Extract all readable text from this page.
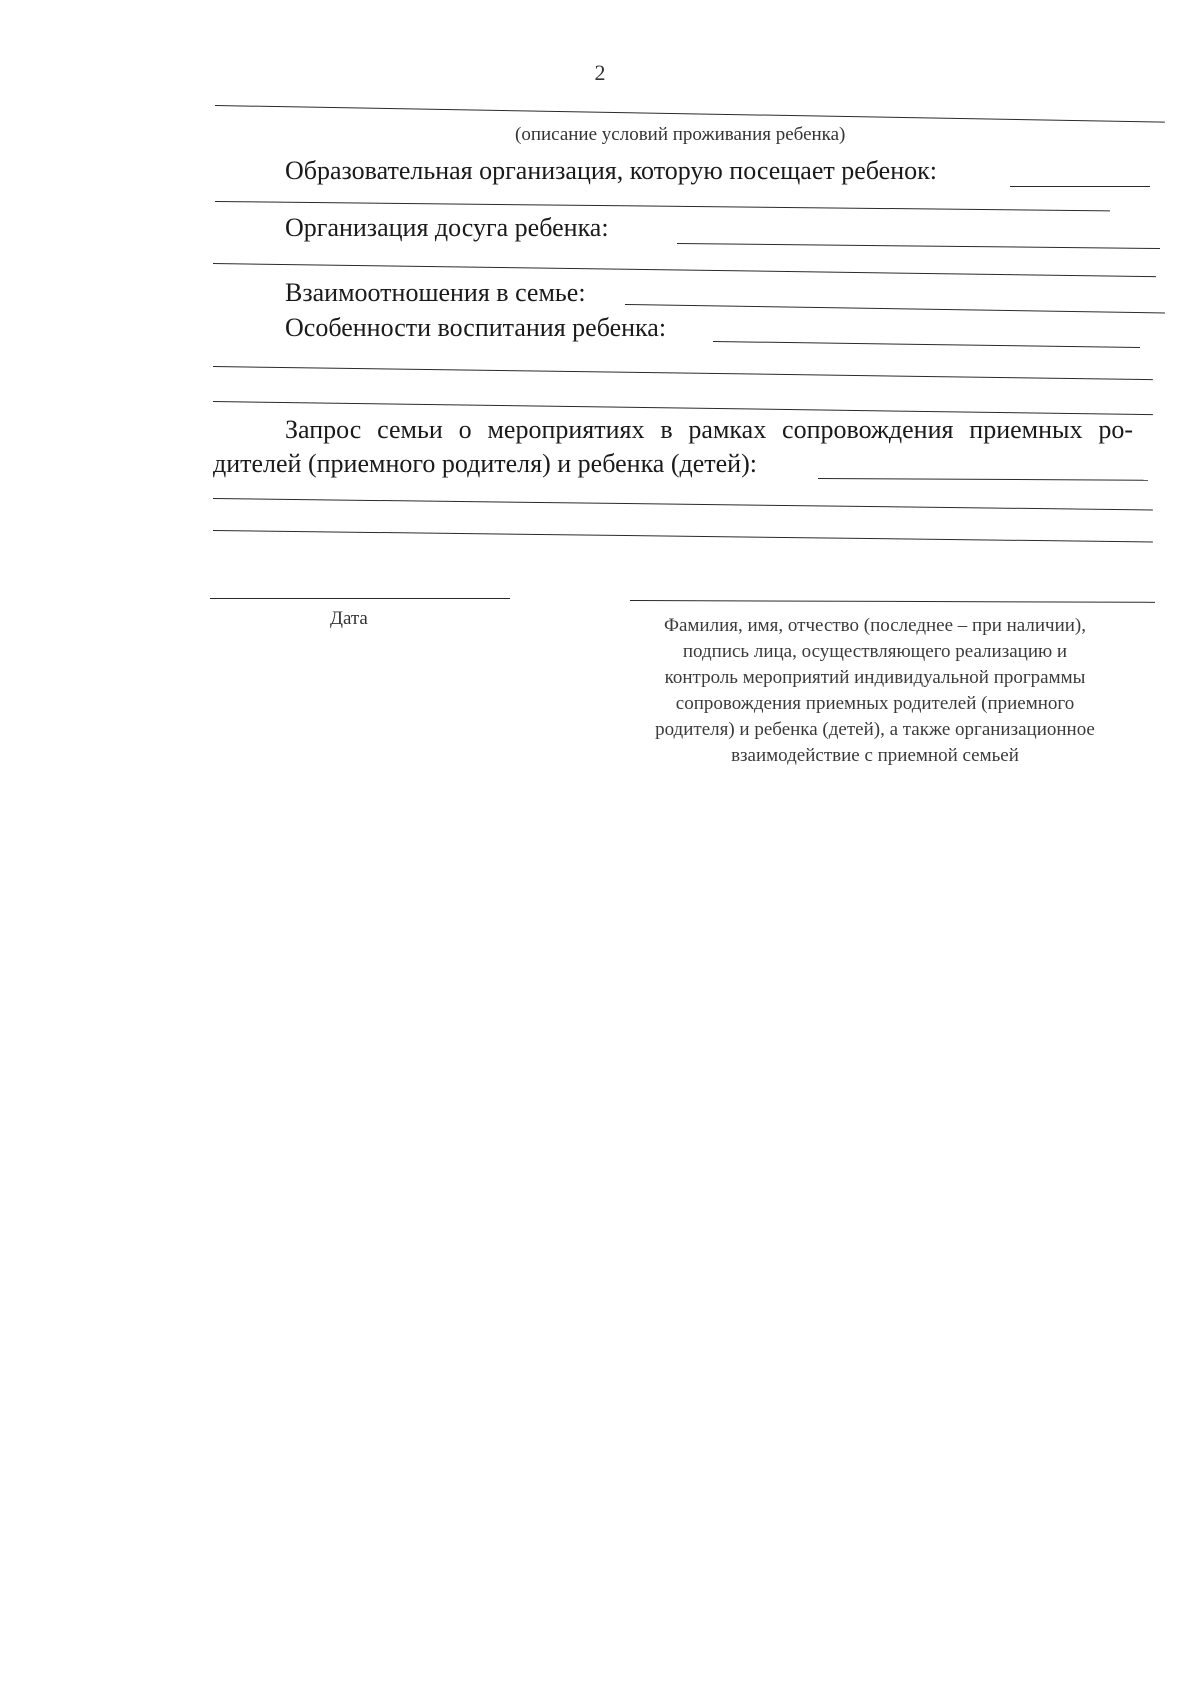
2
(описание условий проживания ребенка)
Образовательная организация, которую посещает ребенок:
Организация досуга ребенка:
Взаимоотношения в семье:
Особенности воспитания ребенка:
Запрос семьи о мероприятиях в рамках сопровождения приемных ро-
дителей (приемного родителя) и ребенка (детей):
Дата	Фамилия, имя, отчество (последнее – при наличии),
подпись лица, осуществляющего реализацию и
контроль мероприятий индивидуальной программы
сопровождения приемных родителей (приемного
родителя) и ребенка (детей), а также организационное
взаимодействие с приемной семьей
